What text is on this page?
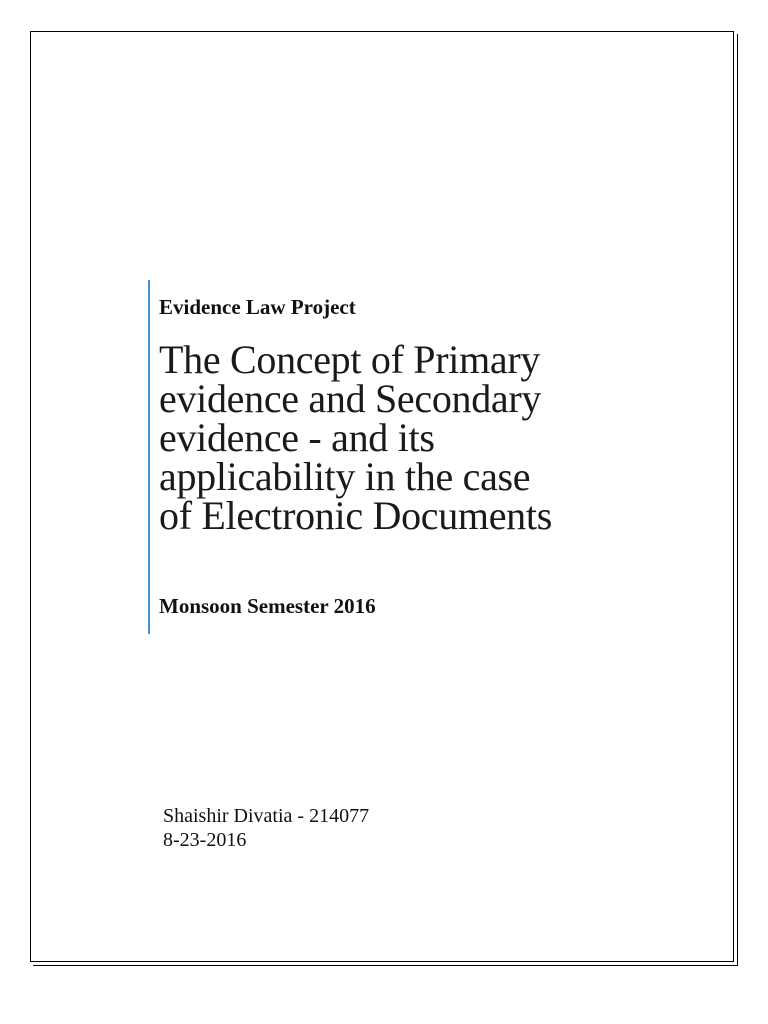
Evidence Law Project

The Concept of Primary
evidence and Secondary
evidence - and its
applicability in the case
of Electronic Documents

Monsoon Semester 2016

Shaishir Divatia - 214077
8-23-2016
